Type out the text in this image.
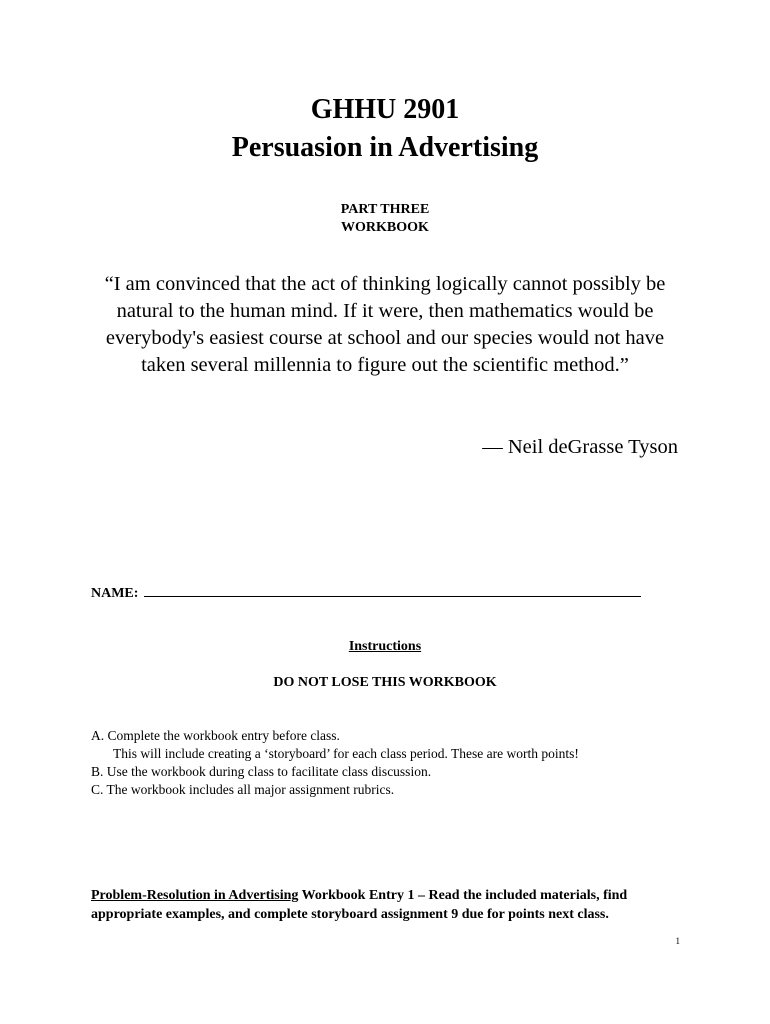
GHHU 2901
Persuasion in Advertising
PART THREE
WORKBOOK
“I am convinced that the act of thinking logically cannot possibly be natural to the human mind. If it were, then mathematics would be everybody's easiest course at school and our species would not have taken several millennia to figure out the scientific method.”
— Neil deGrasse Tyson
NAME:
Instructions
DO NOT LOSE THIS WORKBOOK
A. Complete the workbook entry before class.
This will include creating a ‘storyboard’ for each class period. These are worth points!
B. Use the workbook during class to facilitate class discussion.
C. The workbook includes all major assignment rubrics.
Problem-Resolution in Advertising Workbook Entry 1 – Read the included materials, find appropriate examples, and complete storyboard assignment 9 due for points next class.
1
